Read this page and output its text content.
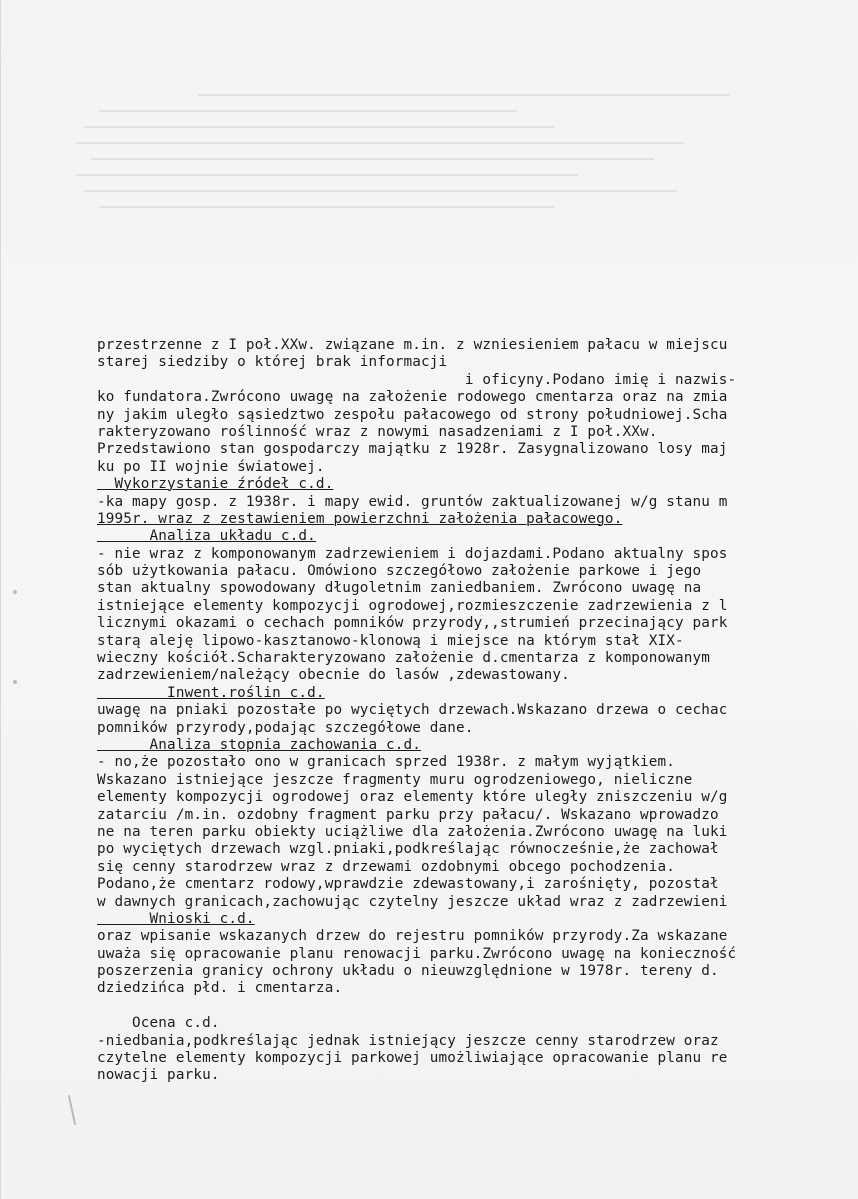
przestrzenne z I poł.XXw. związane m.in. z wzniesieniem pałacu w miejscu
starej siedziby o której brak informacji
i oficyny.Podano imię i nazwis-
ko fundatora.Zwrócono uwagę na założenie rodowego cmentarza oraz na zmia
ny jakim uległo sąsiedztwo zespołu pałacowego od strony południowej.Scha
rakteryzowano roślinność wraz z nowymi nasadzeniami z I poł.XXw.
Przedstawiono stan gospodarczy majątku z 1928r. Zasygnalizowano losy maj
ku po II wojnie światowej.
Wykorzystanie źródeł c.d.
-ka mapy gosp. z 1938r. i mapy ewid. gruntów zaktualizowanej w/g stanu m
1995r. wraz z zestawieniem powierzchni założenia pałacowego.
Analiza układu c.d.
- nie wraz z komponowanym zadrzewieniem i dojazdami.Podano aktualny spos
sób użytkowania pałacu. Omówiono szczegółowo założenie parkowe i jego
stan aktualny spowodowany długoletnim zaniedbaniem. Zwrócono uwagę na
istniejące elementy kompozycji ogrodowej,rozmieszczenie zadrzewienia z l
licznymi okazami o cechach pomników przyrody,,strumień przecinający park
starą aleję lipowo-kasztanowo-klonową i miejsce na którym stał XIX-
wieczny kościół.Scharakteryzowano założenie d.cmentarza z komponowanym
zadrzewieniem/należący obecnie do lasów ,zdewastowany.
Inwent.roślin c.d.
uwagę na pniaki pozostałe po wyciętych drzewach.Wskazano drzewa o cechac
pomników przyrody,podając szczegółowe dane.
Analiza stopnia zachowania c.d.
- no,że pozostało ono w granicach sprzed 1938r. z małym wyjątkiem.
Wskazano istniejące jeszcze fragmenty muru ogrodzeniowego, nieliczne
elementy kompozycji ogrodowej oraz elementy które uległy zniszczeniu w/g
zatarciu /m.in. ozdobny fragment parku przy pałacu/. Wskazano wprowadzo
ne na teren parku obiekty uciążliwe dla założenia.Zwrócono uwagę na luki
po wyciętych drzewach wzgl.pniaki,podkreślając równocześnie,że zachował
się cenny starodrzew wraz z drzewami ozdobnymi obcego pochodzenia.
Podano,że cmentarz rodowy,wprawdzie zdewastowany,i zarośnięty, pozostał
w dawnych granicach,zachowując czytelny jeszcze układ wraz z zadrzewieni
Wnioski c.d.
oraz wpisanie wskazanych drzew do rejestru pomników przyrody.Za wskazane
uważa się opracowanie planu renowacji parku.Zwrócono uwagę na konieczność
poszerzenia granicy ochrony układu o nieuwzględnione w 1978r. tereny d.
dziedzińca płd. i cmentarza.
Ocena c.d.
-niedbania,podkreślając jednak istniejący jeszcze cenny starodrzew oraz
czytelne elementy kompozycji parkowej umożliwiające opracowanie planu re
nowacji parku.
